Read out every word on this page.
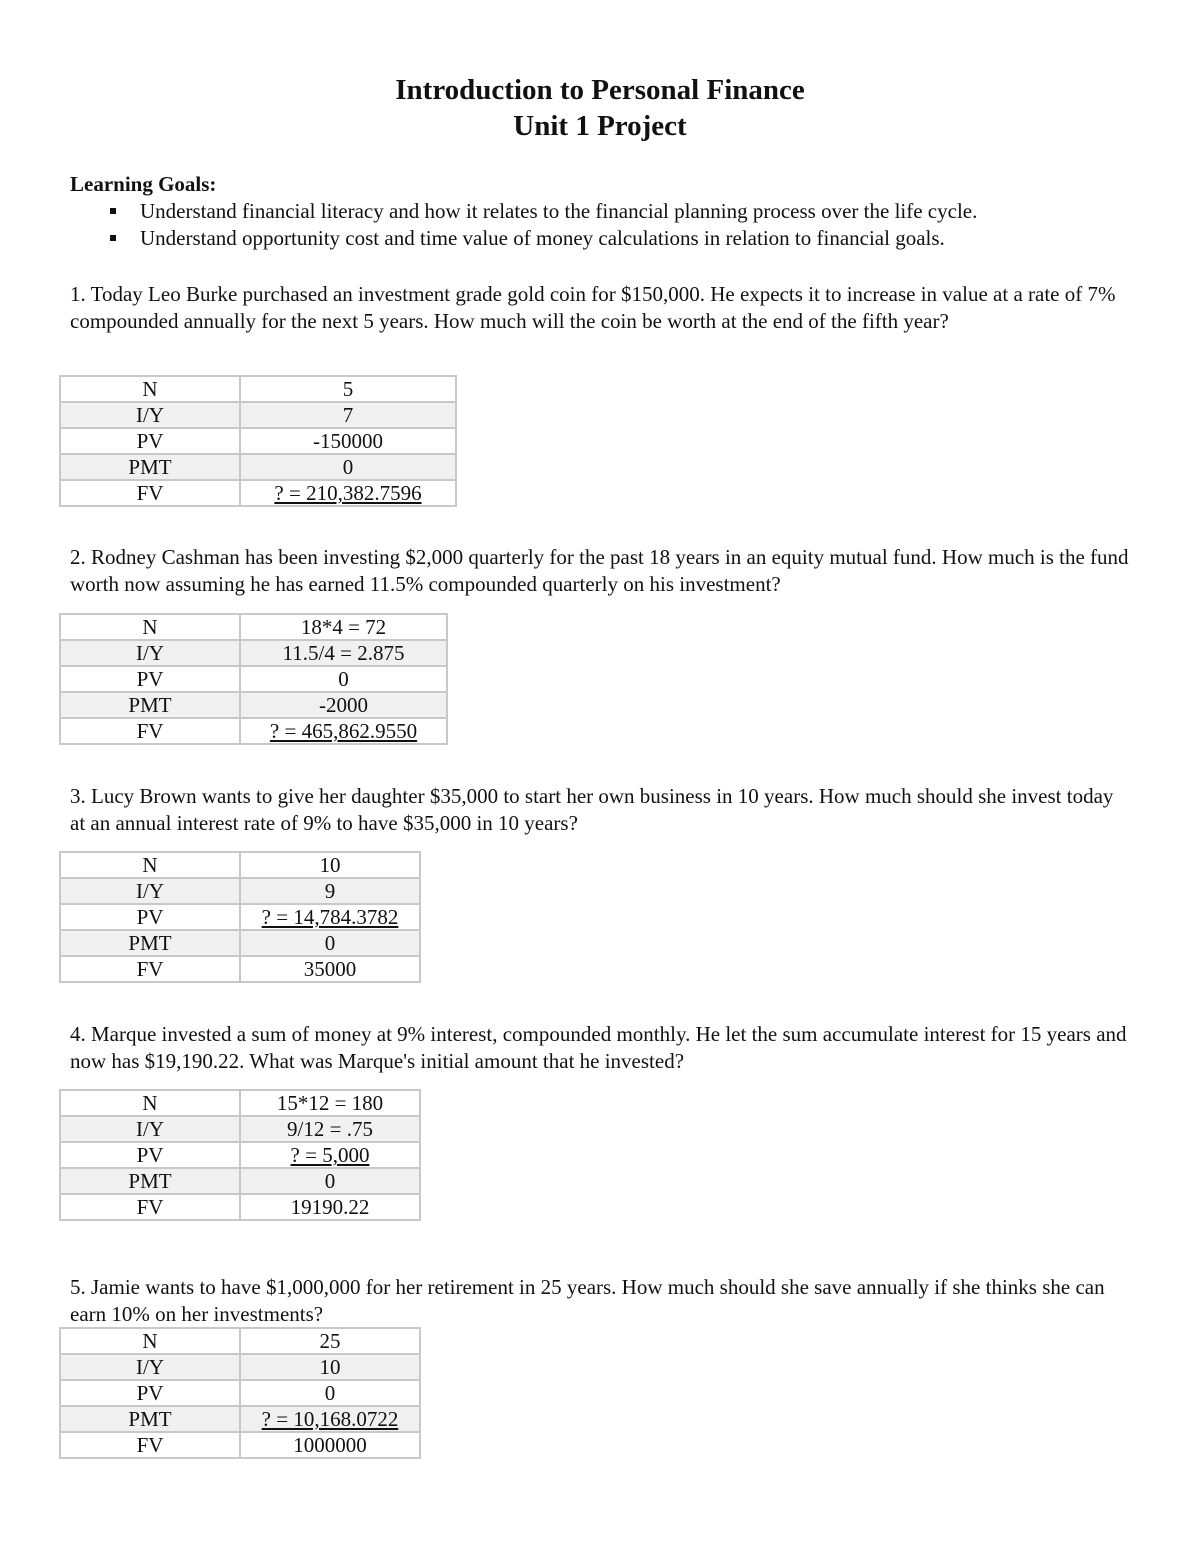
Introduction to Personal Finance
Unit 1 Project
Learning Goals:
Understand financial literacy and how it relates to the financial planning process over the life cycle.
Understand opportunity cost and time value of money calculations in relation to financial goals.
1. Today Leo Burke purchased an investment grade gold coin for $150,000. He expects it to increase in value at a rate of 7% compounded annually for the next 5 years. How much will the coin be worth at the end of the fifth year?
N	5
I/Y	7
PV	-150000
PMT	0
FV	? = 210,382.7596
2. Rodney Cashman has been investing $2,000 quarterly for the past 18 years in an equity mutual fund. How much is the fund worth now assuming he has earned 11.5% compounded quarterly on his investment?
N	18*4 = 72
I/Y	11.5/4 = 2.875
PV	0
PMT	-2000
FV	? = 465,862.9550
3. Lucy Brown wants to give her daughter $35,000 to start her own business in 10 years. How much should she invest today at an annual interest rate of 9% to have $35,000 in 10 years?
N	10
I/Y	9
PV	? = 14,784.3782
PMT	0
FV	35000
4. Marque invested a sum of money at 9% interest, compounded monthly. He let the sum accumulate interest for 15 years and now has $19,190.22. What was Marque's initial amount that he invested?
N	15*12 = 180
I/Y	9/12 = .75
PV	? = 5,000
PMT	0
FV	19190.22
5. Jamie wants to have $1,000,000 for her retirement in 25 years. How much should she save annually if she thinks she can earn 10% on her investments?
N	25
I/Y	10
PV	0
PMT	? = 10,168.0722
FV	1000000
